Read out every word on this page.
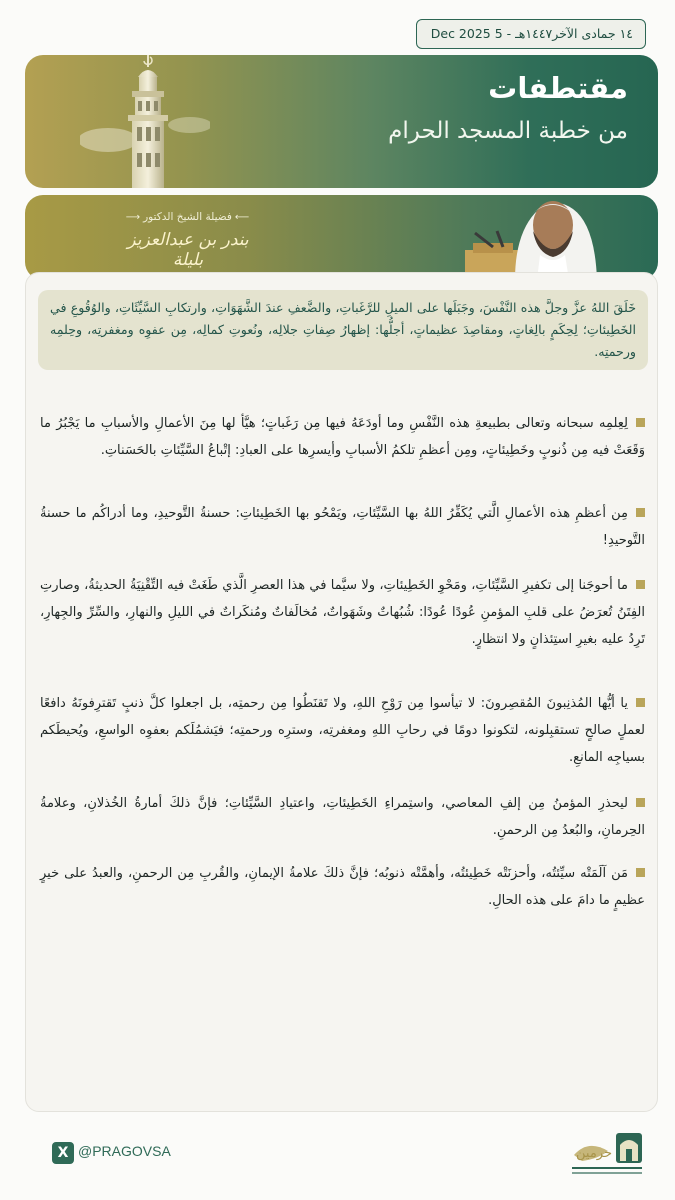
١٤ جمادى الآخر١٤٤٧هـ - 5 Dec 2025
مقتطفات
من خطبة المسجد الحرام
⟵فضيلة الشيخ الدكتور⟶
بندر بن عبدالعزيز بليلة
خَلَقَ اللهُ عزَّ وجلَّ هذه النَّفْسَ، وجَبَلَها على الميلِ للرَّغَباتِ، والضَّعفِ عندَ الشَّهَوَاتِ، وارتكابِ السَّيِّئَاتِ، والوُقُوعِ في الخَطِيئاتِ؛ لِحِكَمٍ بالِغاتٍ، ومقاصِدَ عظيماتٍ، أجلُّها: إظهارُ صِفاتِ جلالِه، ونُعوتِ كمالِه، مِن عفوِه ومغفرتِه، وحِلمِه ورحمتِه.
لِعِلمِه سبحانه وتعالى بطبيعةِ هذه النَّفْسِ وما أودَعَهُ فيها مِن رَغَباتٍ؛ هيَّأ لها مِنَ الأعمالِ والأسبابِ ما يَجْبُرُ ما وَقَعَتْ فيه مِن ذُنوبٍ وخَطِيئاتٍ، ومِن أعظمِ تلكمُ الأسبابِ وأيسرِها على العبادِ: إتْباعُ السَّيِّئاتِ بالحَسَناتِ.
مِن أعظمِ هذه الأعمالِ الَّتي يُكَفِّرُ اللهُ بها السَّيِّئاتِ، ويَمْحُو بها الخَطِيئاتِ: حسنةُ التَّوحيدِ، وما أدراكُم ما حسنةُ التَّوحيدِ!
ما أحوجَنا إلى تكفيرِ السَّيِّئاتِ، ومَحْوِ الخَطِيئاتِ، ولا سيَّما في هذا العصرِ الَّذي طَغَتْ فيه التِّقْنِيَةُ الحديثةُ، وصارتِ الفِتَنُ تُعرَضُ على قلبِ المؤمنِ عُودًا عُودًا: شُبُهاتٌ وشَهَواتٌ، مُخالَفاتٌ ومُنكَراتٌ في الليلِ والنهارِ، والسِّرِّ والجِهارِ، تَرِدُ عليه بغيرِ استِئذانٍ ولا انتظارٍ.
يا أيُّها المُذنِبونَ المُقصِرونَ: لا تيأسوا مِن رَوْحِ اللهِ، ولا تَقنَطُوا مِن رحمتِه، بل اجعلوا كلَّ ذنبٍ تَقترِفونَهُ دافعًا لعملٍ صالحٍ تستقبِلونه، لتكونوا دومًا في رحابِ اللهِ ومغفرتِه، وسترِه ورحمتِه؛ فيَشمُلَكم بعفوِه الواسعِ، ويُحيطَكم بسياجِه المانعِ.
ليحذرِ المؤمنُ مِن إلفِ المعاصي، واستِمراءِ الخَطِيئاتِ، واعتيادِ السَّيِّئاتِ؛ فإنَّ ذلكَ أمارةُ الخُذلانِ، وعلامةُ الحِرمانِ، والبُعدُ مِن الرحمنِ.
مَن آلَمَتْه سيِّئتُه، وأحزنَتْه خَطِيئتُه، وأهمَّتْه ذنوبُه؛ فإنَّ ذلكَ علامةُ الإيمانِ، والقُربِ مِن الرحمنِ، والعبدُ على خيرٍ عظيمٍ ما دامَ على هذه الحالِ.
X @PRAGOVSA	حرمين
